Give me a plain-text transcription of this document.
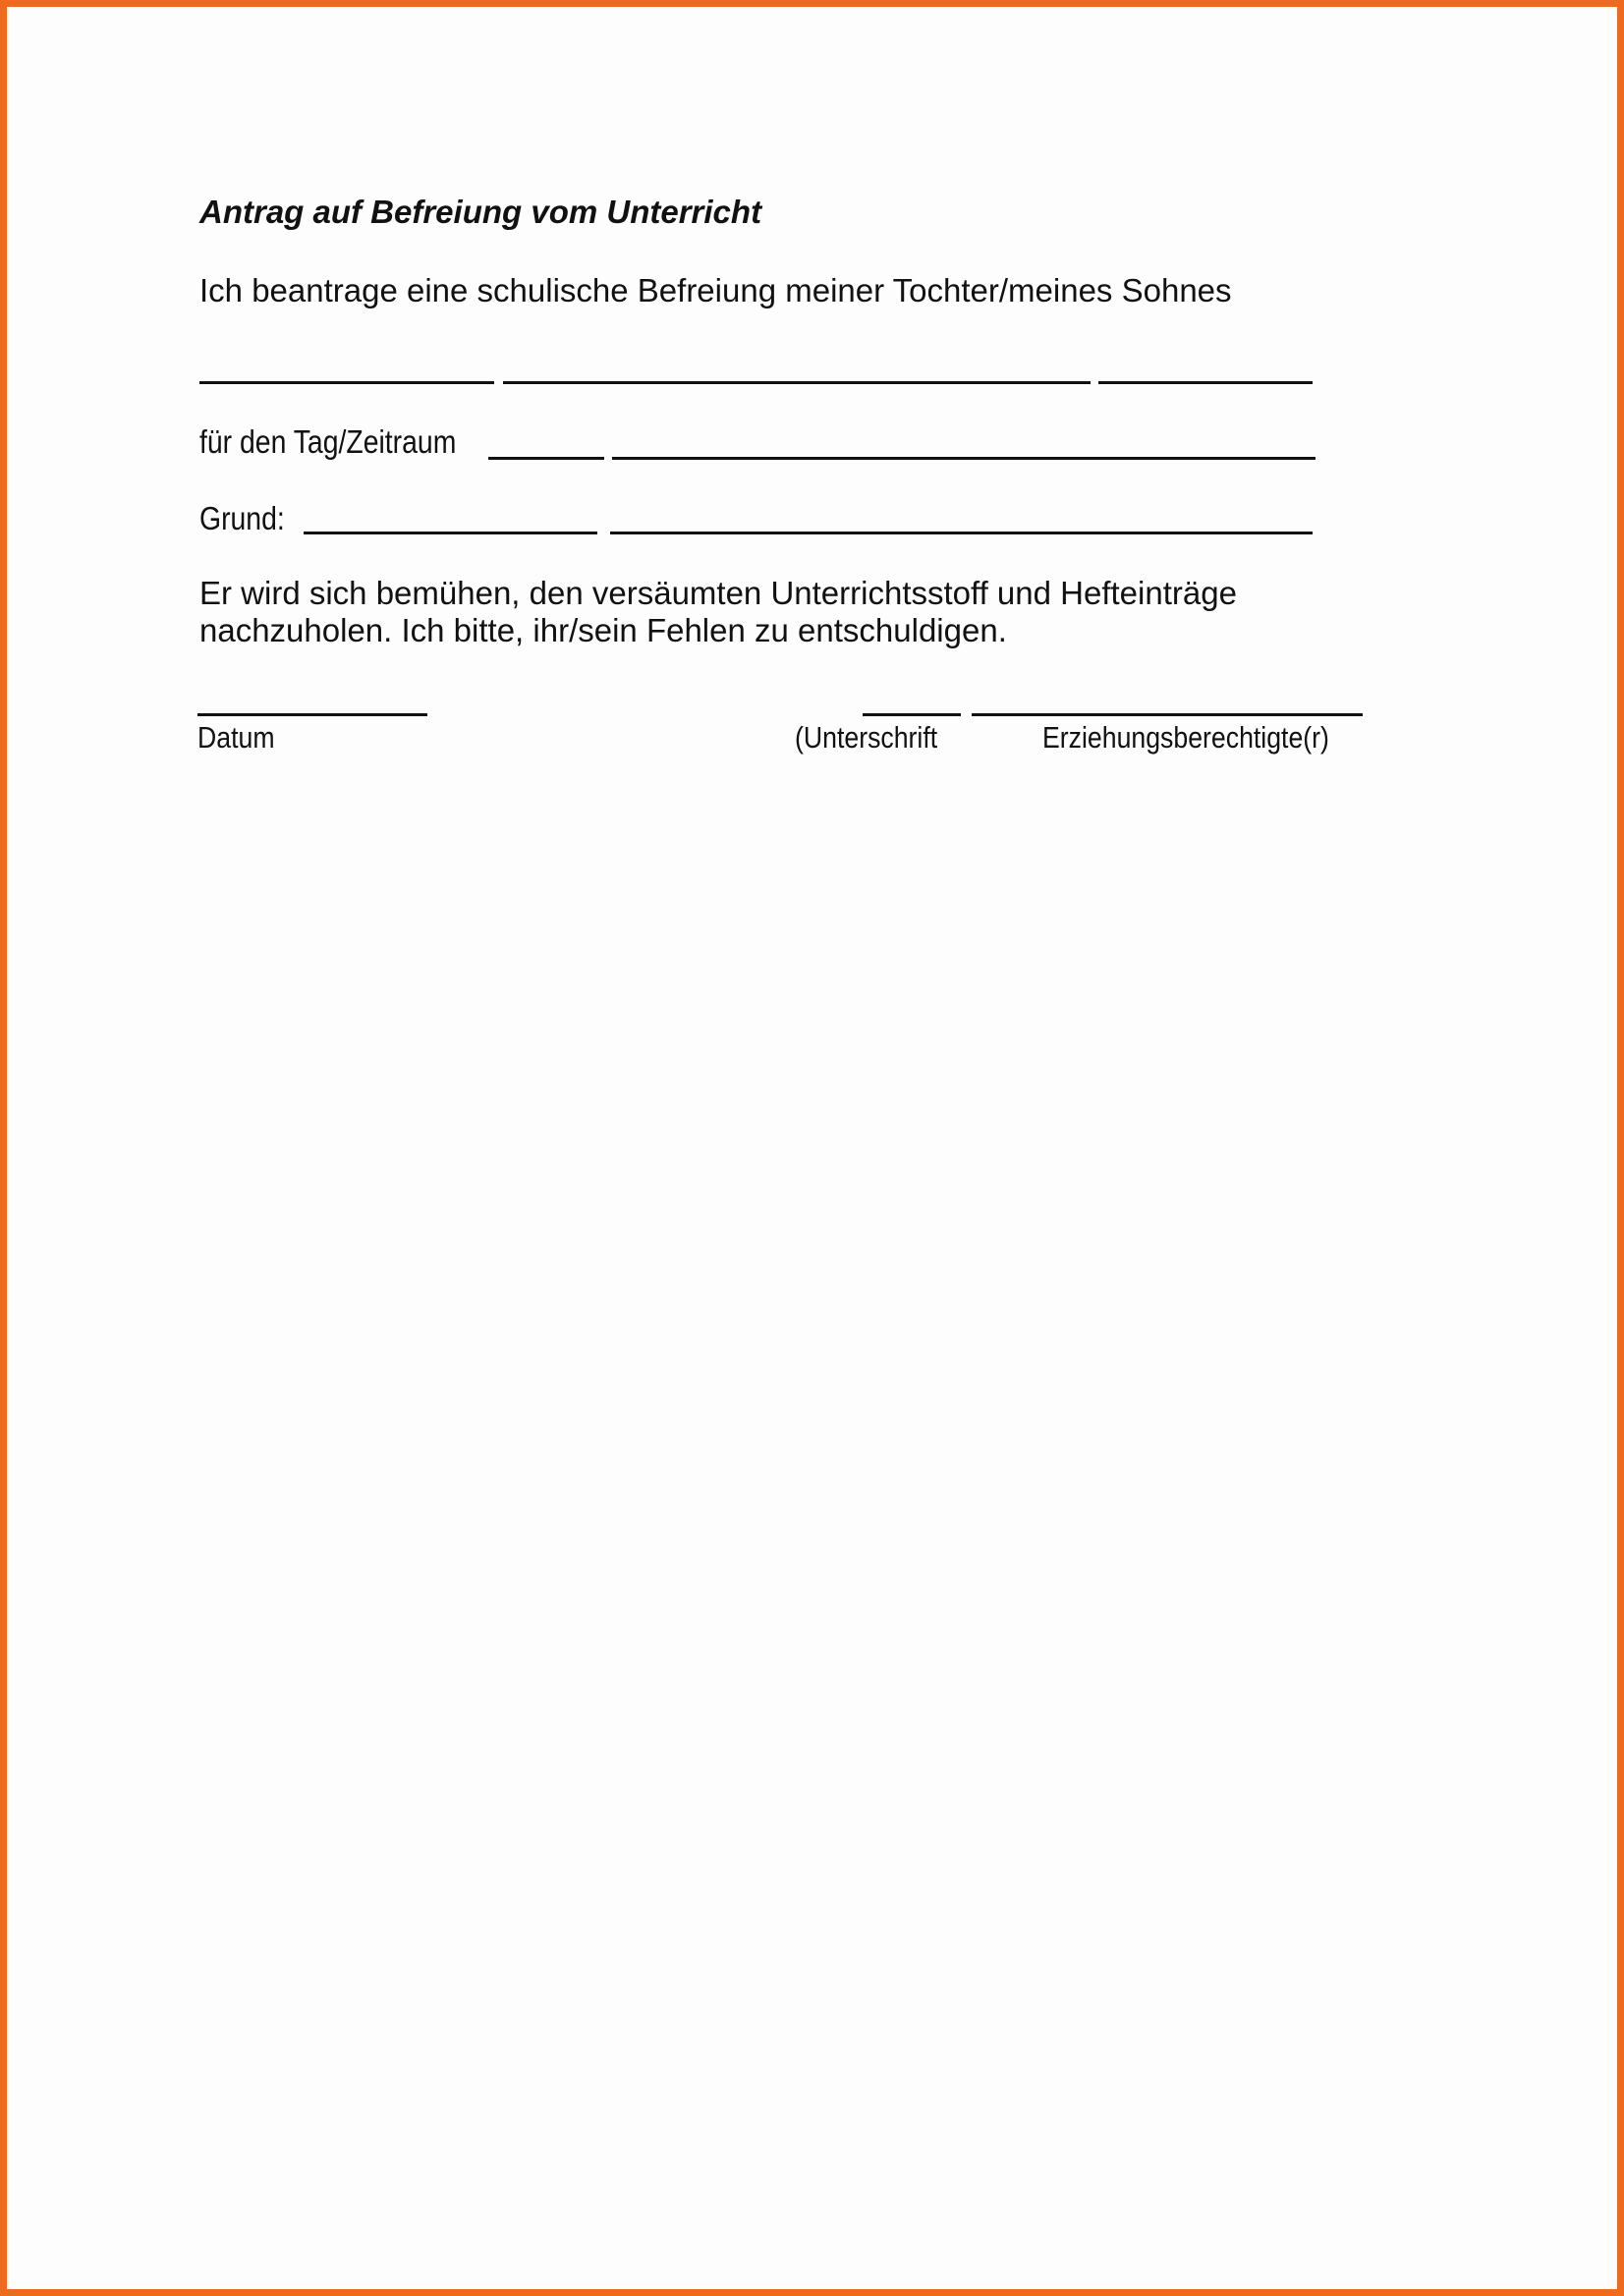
Antrag auf Befreiung vom Unterricht
Ich beantrage eine schulische Befreiung meiner Tochter/meines Sohnes
für den Tag/Zeitraum
Grund:
Er wird sich bemühen, den versäumten Unterrichtsstoff und Hefteinträge
nachzuholen. Ich bitte, ihr/sein Fehlen zu entschuldigen.
Datum	(Unterschrift	Erziehungsberechtigte(r)
